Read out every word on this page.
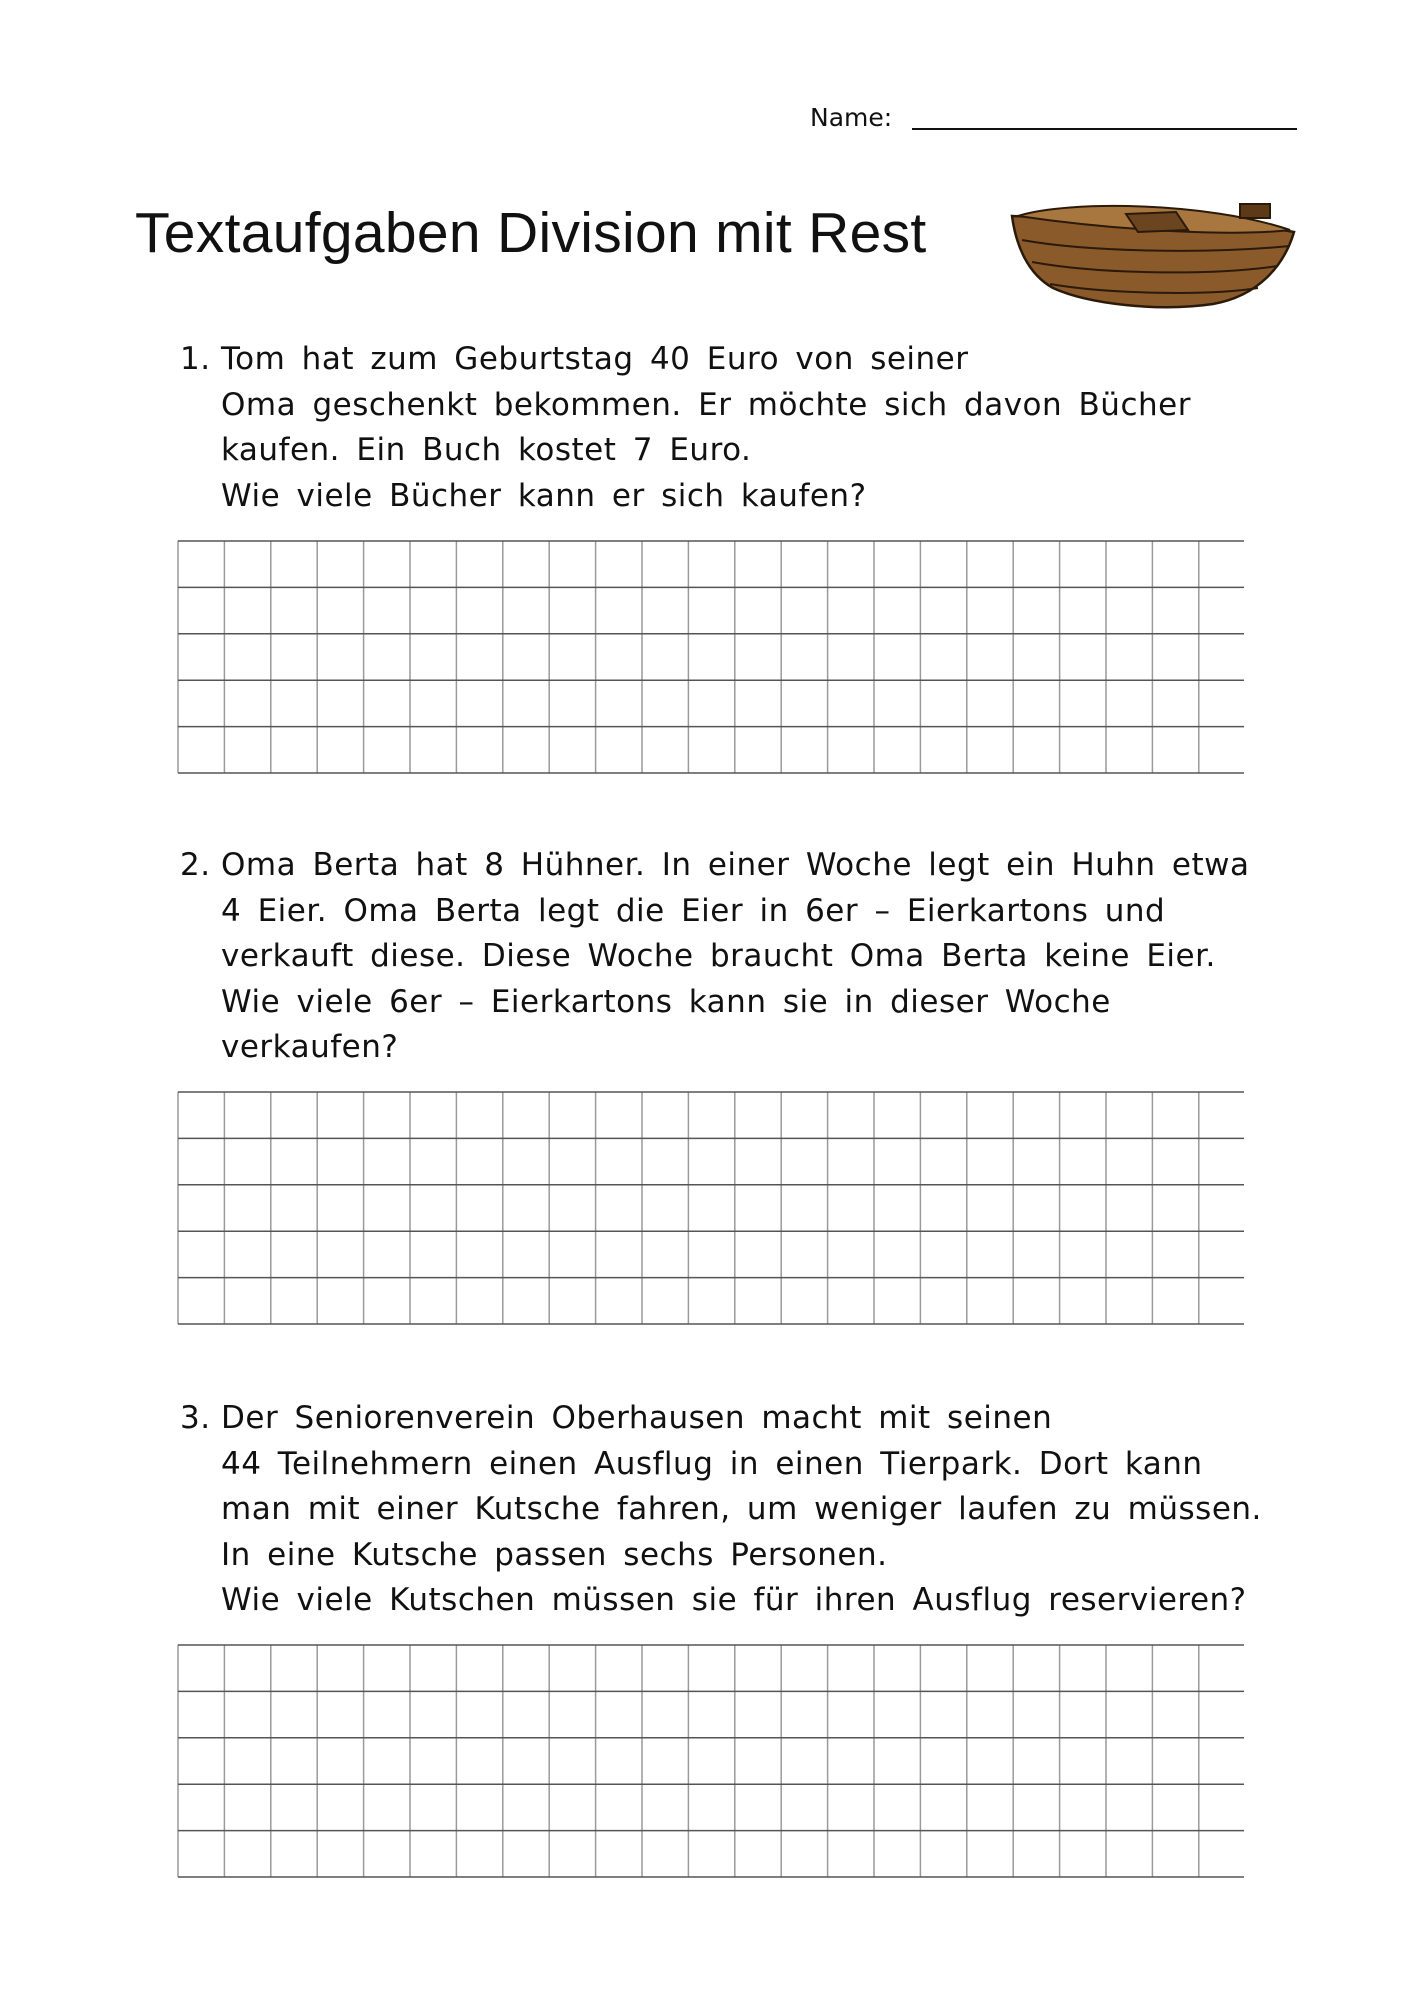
Name:
Textaufgaben Division mit Rest
1. Tom hat zum Geburtstag 40 Euro von seiner
Oma geschenkt bekommen. Er möchte sich davon Bücher
kaufen. Ein Buch kostet 7 Euro.
Wie viele Bücher kann er sich kaufen?
2. Oma Berta hat 8 Hühner. In einer Woche legt ein Huhn etwa
4 Eier. Oma Berta legt die Eier in 6er – Eierkartons und
verkauft diese. Diese Woche braucht Oma Berta keine Eier.
Wie viele 6er – Eierkartons kann sie in dieser Woche
verkaufen?
3. Der Seniorenverein Oberhausen macht mit seinen
44 Teilnehmern einen Ausflug in einen Tierpark. Dort kann
man mit einer Kutsche fahren, um weniger laufen zu müssen.
In eine Kutsche passen sechs Personen.
Wie viele Kutschen müssen sie für ihren Ausflug reservieren?
